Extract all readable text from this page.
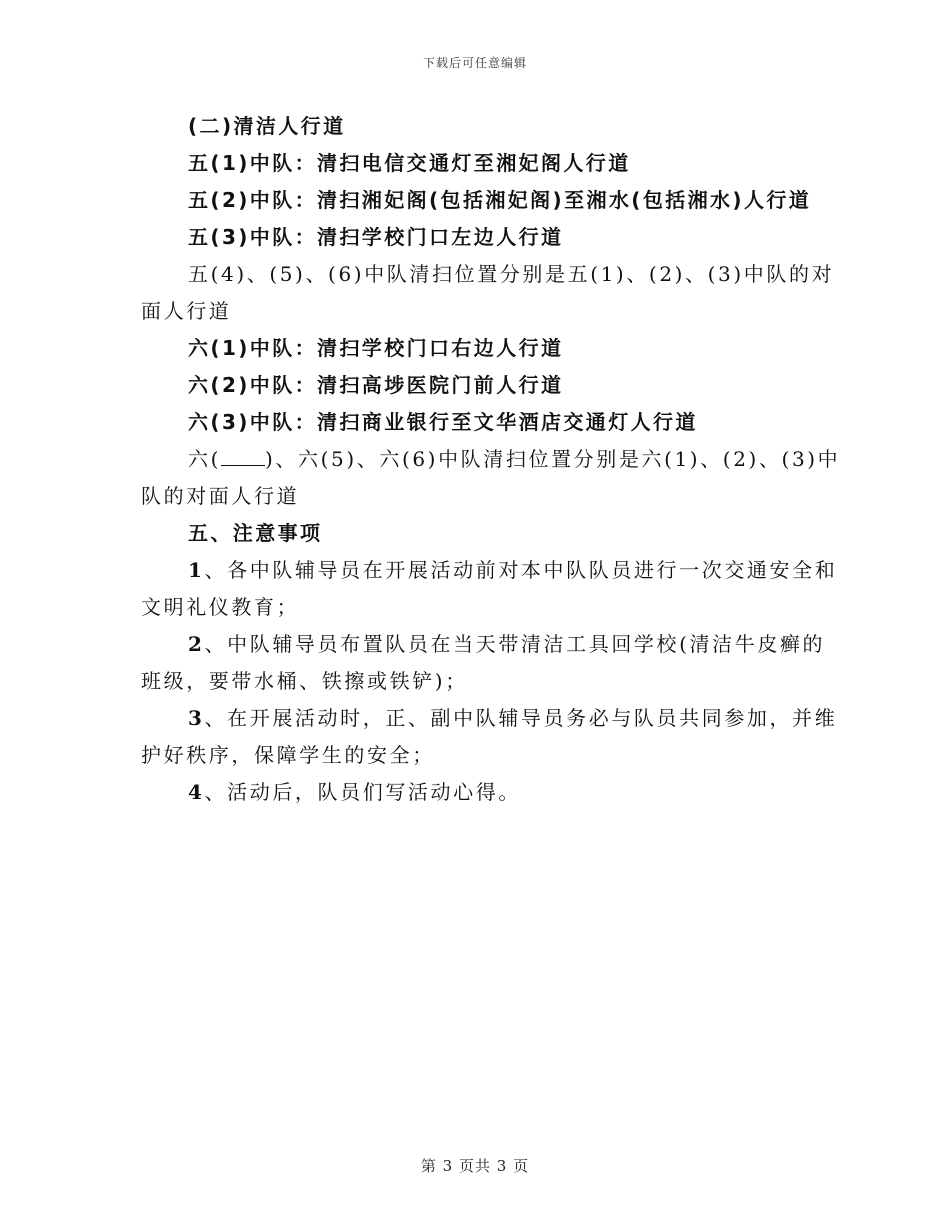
下载后可任意编辑
(二)清洁人行道
五(1)中队：清扫电信交通灯至湘妃阁人行道
五(2)中队：清扫湘妃阁(包括湘妃阁)至湘水(包括湘水)人行道
五(3)中队：清扫学校门口左边人行道
五(4)、(5)、(6)中队清扫位置分别是五(1)、(2)、(3)中队的对
面人行道
六(1)中队：清扫学校门口右边人行道
六(2)中队：清扫高埗医院门前人行道
六(3)中队：清扫商业银行至文华酒店交通灯人行道
六( )、六(5)、六(6)中队清扫位置分别是六(1)、(2)、(3)中
队的对面人行道
五、注意事项
1、各中队辅导员在开展活动前对本中队队员进行一次交通安全和
文明礼仪教育；
2、中队辅导员布置队员在当天带清洁工具回学校(清洁牛皮癣的
班级，要带水桶、铁擦或铁铲)；
3、在开展活动时，正、副中队辅导员务必与队员共同参加，并维
护好秩序，保障学生的安全；
4、活动后，队员们写活动心得。
第 3 页共 3 页
